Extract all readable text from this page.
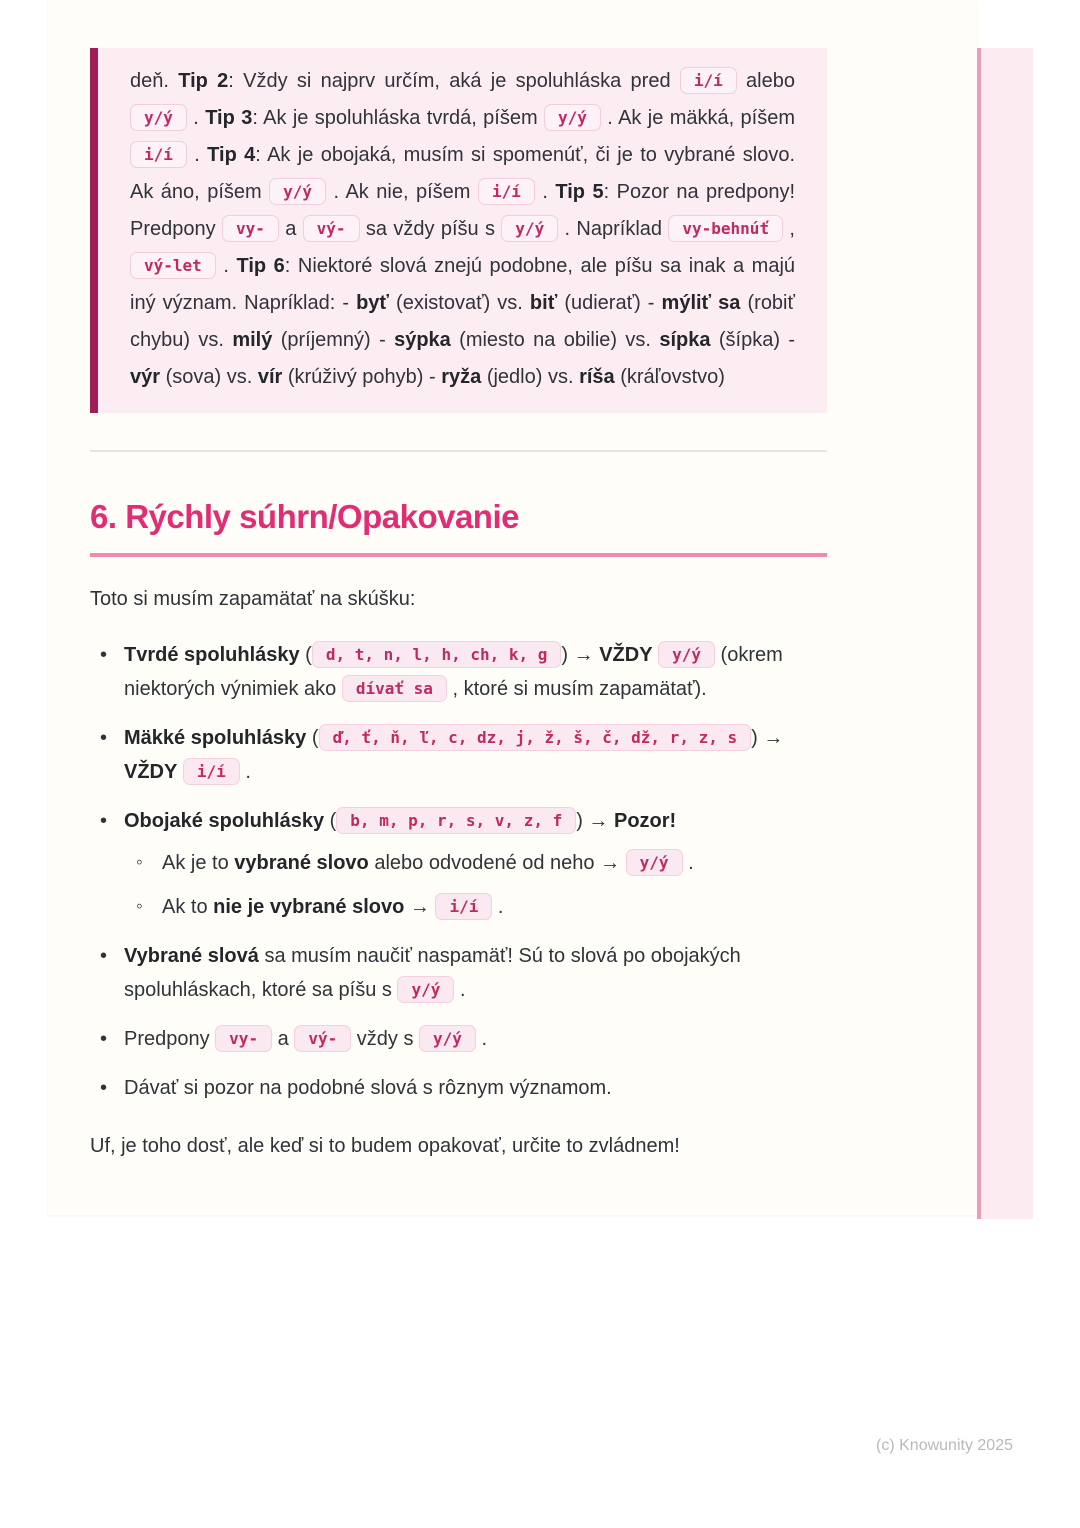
deň. Tip 2: Vždy si najprv určím, aká je spoluhláska pred i/í alebo y/ý . Tip 3: Ak je spoluhláska tvrdá, píšem y/ý . Ak je mäkká, píšem i/í . Tip 4: Ak je obojaká, musím si spomenúť, či je to vybrané slovo. Ak áno, píšem y/ý . Ak nie, píšem i/í . Tip 5: Pozor na predpony! Predpony vy- a vý- sa vždy píšu s y/ý . Napríklad vy-behnúť , vý-let . Tip 6: Niektoré slová znejú podobne, ale píšu sa inak a majú iný význam. Napríklad: - byť (existovať) vs. biť (udierať) - mýliť sa (robiť chybu) vs. milý (príjemný) - sýpka (miesto na obilie) vs. sípka (šípka) - výr (sova) vs. vír (krúživý pohyb) - ryža (jedlo) vs. ríša (kráľovstvo)
6. Rýchly súhrn/Opakovanie

Toto si musím zapamätať na skúšku:

• Tvrdé spoluhlásky ( d, t, n, l, h, ch, k, g ) → VŽDY y/ý (okrem niektorých výnimiek ako dívať sa , ktoré si musím zapamätať).
• Mäkké spoluhlásky ( ď, ť, ň, ľ, c, dz, j, ž, š, č, dž, r, z, s ) → VŽDY i/í .
• Obojaké spoluhlásky ( b, m, p, r, s, v, z, f ) → Pozor!
◦ Ak je to vybrané slovo alebo odvodené od neho → y/ý .
◦ Ak to nie je vybrané slovo → i/í .
• Vybrané slová sa musím naučiť naspamäť! Sú to slová po obojakých spoluhláskach, ktoré sa píšu s y/ý .
• Predpony vy- a vý- vždy s y/ý .
• Dávať si pozor na podobné slová s rôznym významom.

Uf, je toho dosť, ale keď si to budem opakovať, určite to zvládnem!

(c) Knowunity 2025
